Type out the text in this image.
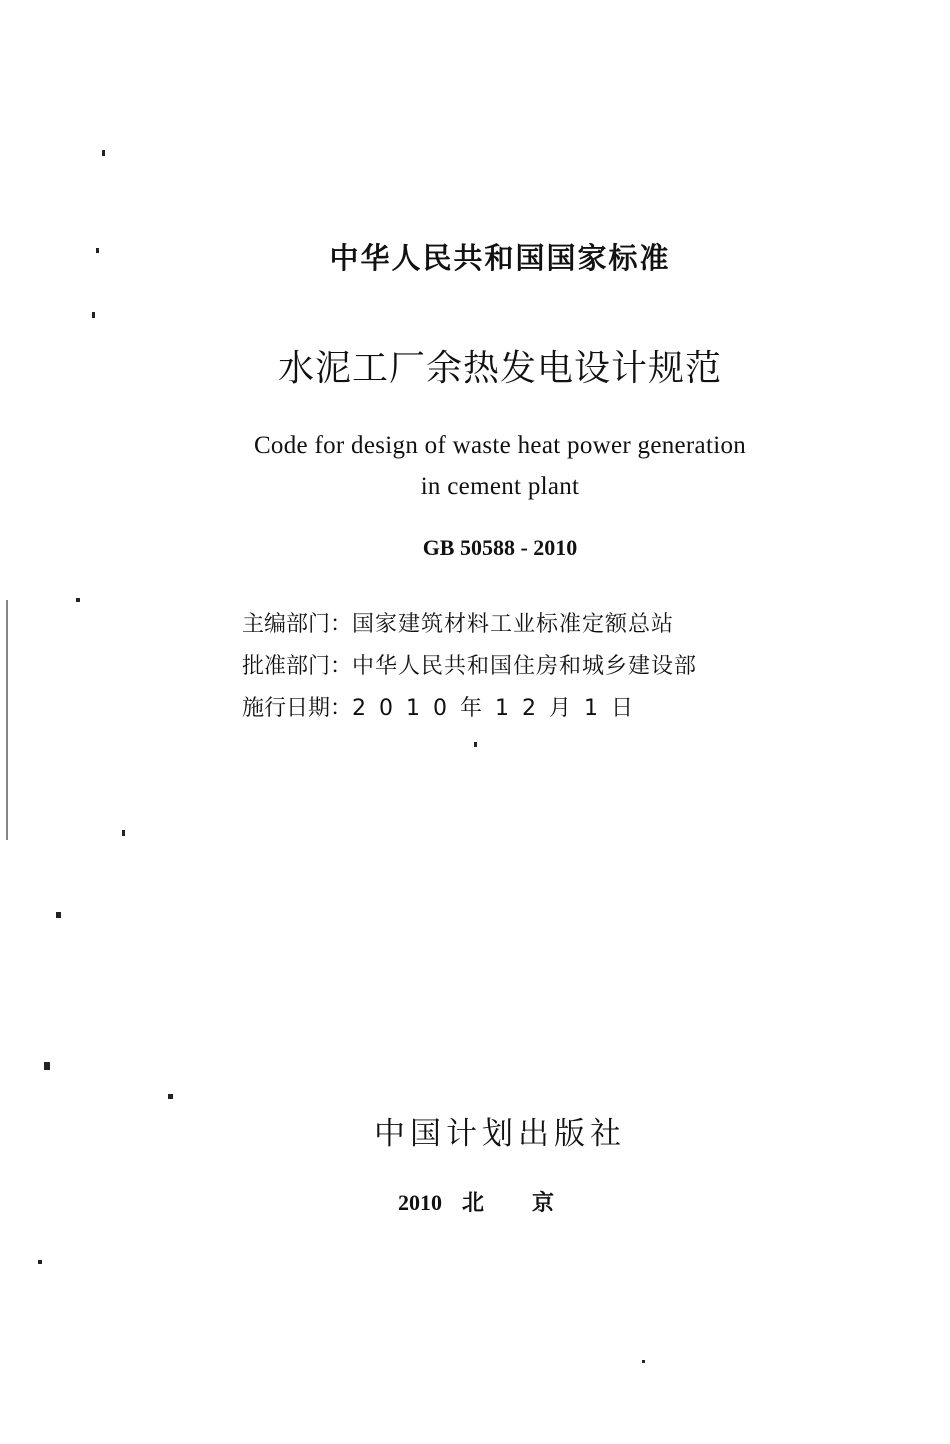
中华人民共和国国家标准
水泥工厂余热发电设计规范
Code for design of waste heat power generation
in cement plant
GB 50588 - 2010
主编部门：国家建筑材料工业标准定额总站
批准部门：中华人民共和国住房和城乡建设部
施行日期：2010年12月1日
中国计划出版社
2010 北京
